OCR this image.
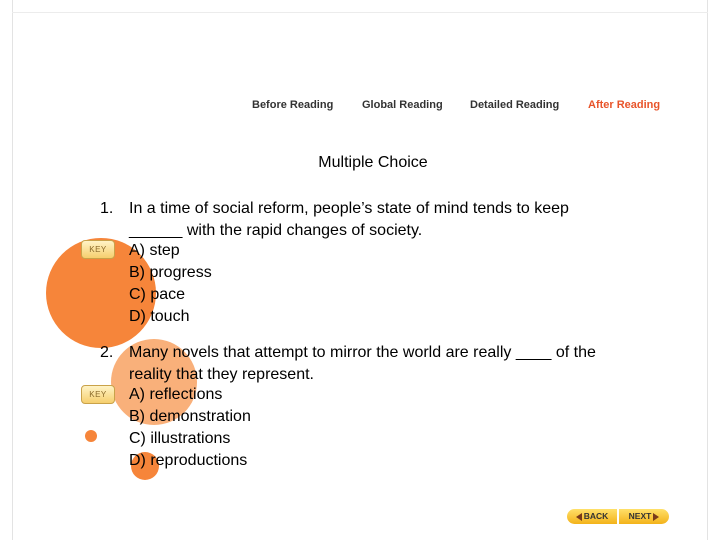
Before Reading	Global Reading Detailed Reading	After Reading
Multiple Choice
1. In a time of social reform, people’s state of mind tends to keep
______ with the rapid changes of society.
KEY	A) step
B) progress
C) pace
D) touch
2. Many novels that attempt to mirror the world are really ____ of the
reality that they represent.
KEY	A) reflections
B) demonstration
C) illustrations
D) reproductions
BACK NEXT
